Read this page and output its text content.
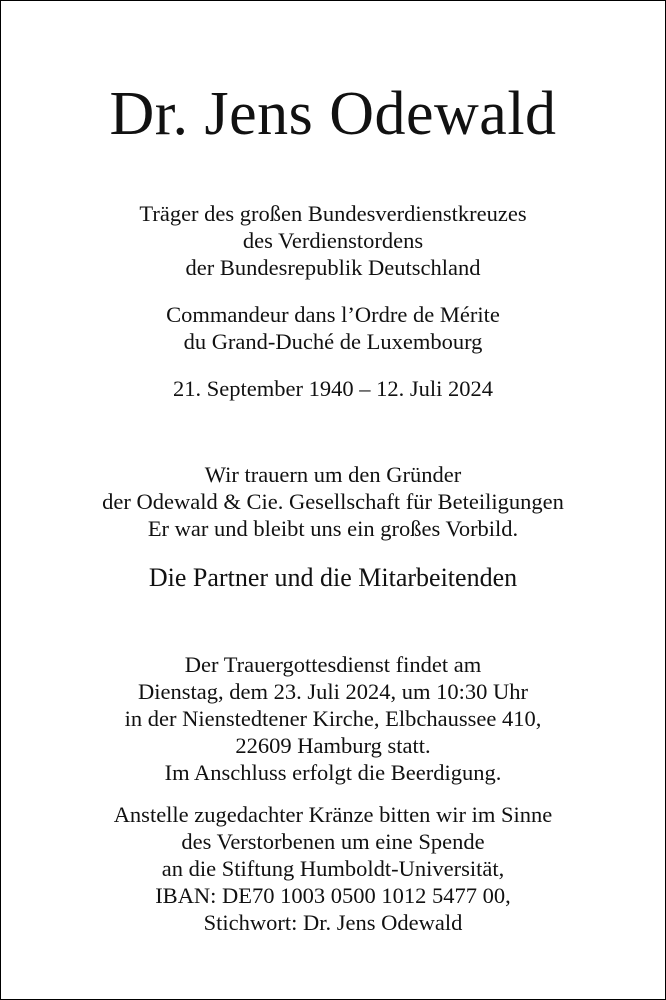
Dr. Jens Odewald
Träger des großen Bundesverdienstkreuzes
des Verdienstordens
der Bundesrepublik Deutschland
Commandeur dans l’Ordre de Mérite
du Grand-Duché de Luxembourg
21. September 1940 – 12. Juli 2024
Wir trauern um den Gründer
der Odewald & Cie. Gesellschaft für Beteiligungen
Er war und bleibt uns ein großes Vorbild.
Die Partner und die Mitarbeitenden
Der Trauergottesdienst findet am
Dienstag, dem 23. Juli 2024, um 10:30 Uhr
in der Nienstedtener Kirche, Elbchaussee 410,
22609 Hamburg statt.
Im Anschluss erfolgt die Beerdigung.
Anstelle zugedachter Kränze bitten wir im Sinne
des Verstorbenen um eine Spende
an die Stiftung Humboldt-Universität,
IBAN: DE70 1003 0500 1012 5477 00,
Stichwort: Dr. Jens Odewald
